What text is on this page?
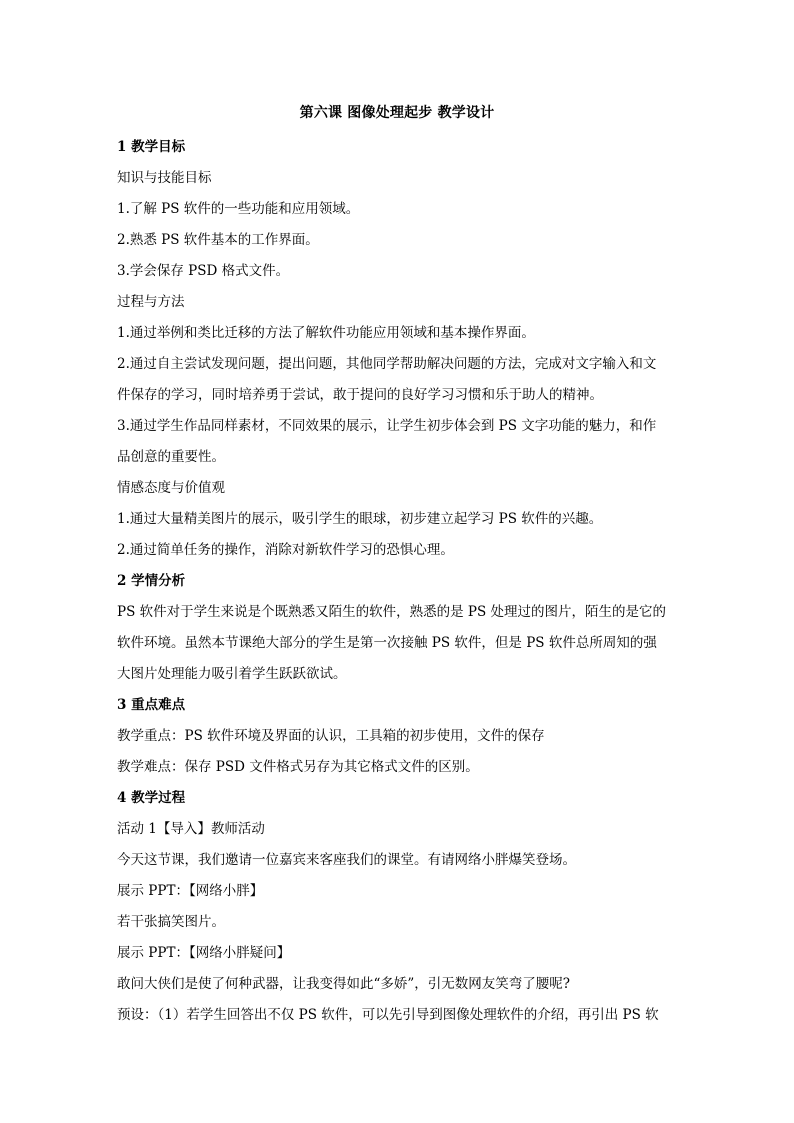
第六课 图像处理起步 教学设计

1 教学目标

知识与技能目标

1.了解 PS 软件的一些功能和应用领域。

2.熟悉 PS 软件基本的工作界面。

3.学会保存 PSD 格式文件。

过程与方法

1.通过举例和类比迁移的方法了解软件功能应用领域和基本操作界面。

2.通过自主尝试发现问题，提出问题，其他同学帮助解决问题的方法，完成对文字输入和文

件保存的学习，同时培养勇于尝试，敢于提问的良好学习习惯和乐于助人的精神。

3.通过学生作品同样素材，不同效果的展示，让学生初步体会到 PS 文字功能的魅力，和作

品创意的重要性。

情感态度与价值观

1.通过大量精美图片的展示，吸引学生的眼球，初步建立起学习 PS 软件的兴趣。

2.通过简单任务的操作，消除对新软件学习的恐惧心理。

2 学情分析

PS 软件对于学生来说是个既熟悉又陌生的软件，熟悉的是 PS 处理过的图片，陌生的是它的

软件环境。虽然本节课绝大部分的学生是第一次接触 PS 软件，但是 PS 软件总所周知的强

大图片处理能力吸引着学生跃跃欲试。

3 重点难点

教学重点：PS 软件环境及界面的认识，工具箱的初步使用，文件的保存

教学难点：保存 PSD 文件格式另存为其它格式文件的区别。

4 教学过程

活动 1【导入】教师活动

今天这节课，我们邀请一位嘉宾来客座我们的课堂。有请网络小胖爆笑登场。

展示 PPT：【网络小胖】

若干张搞笑图片。

展示 PPT：【网络小胖疑问】

敢问大侠们是使了何种武器，让我变得如此“多娇”，引无数网友笑弯了腰呢?

预设：（1）若学生回答出不仅 PS 软件，可以先引导到图像处理软件的介绍，再引出 PS 软
